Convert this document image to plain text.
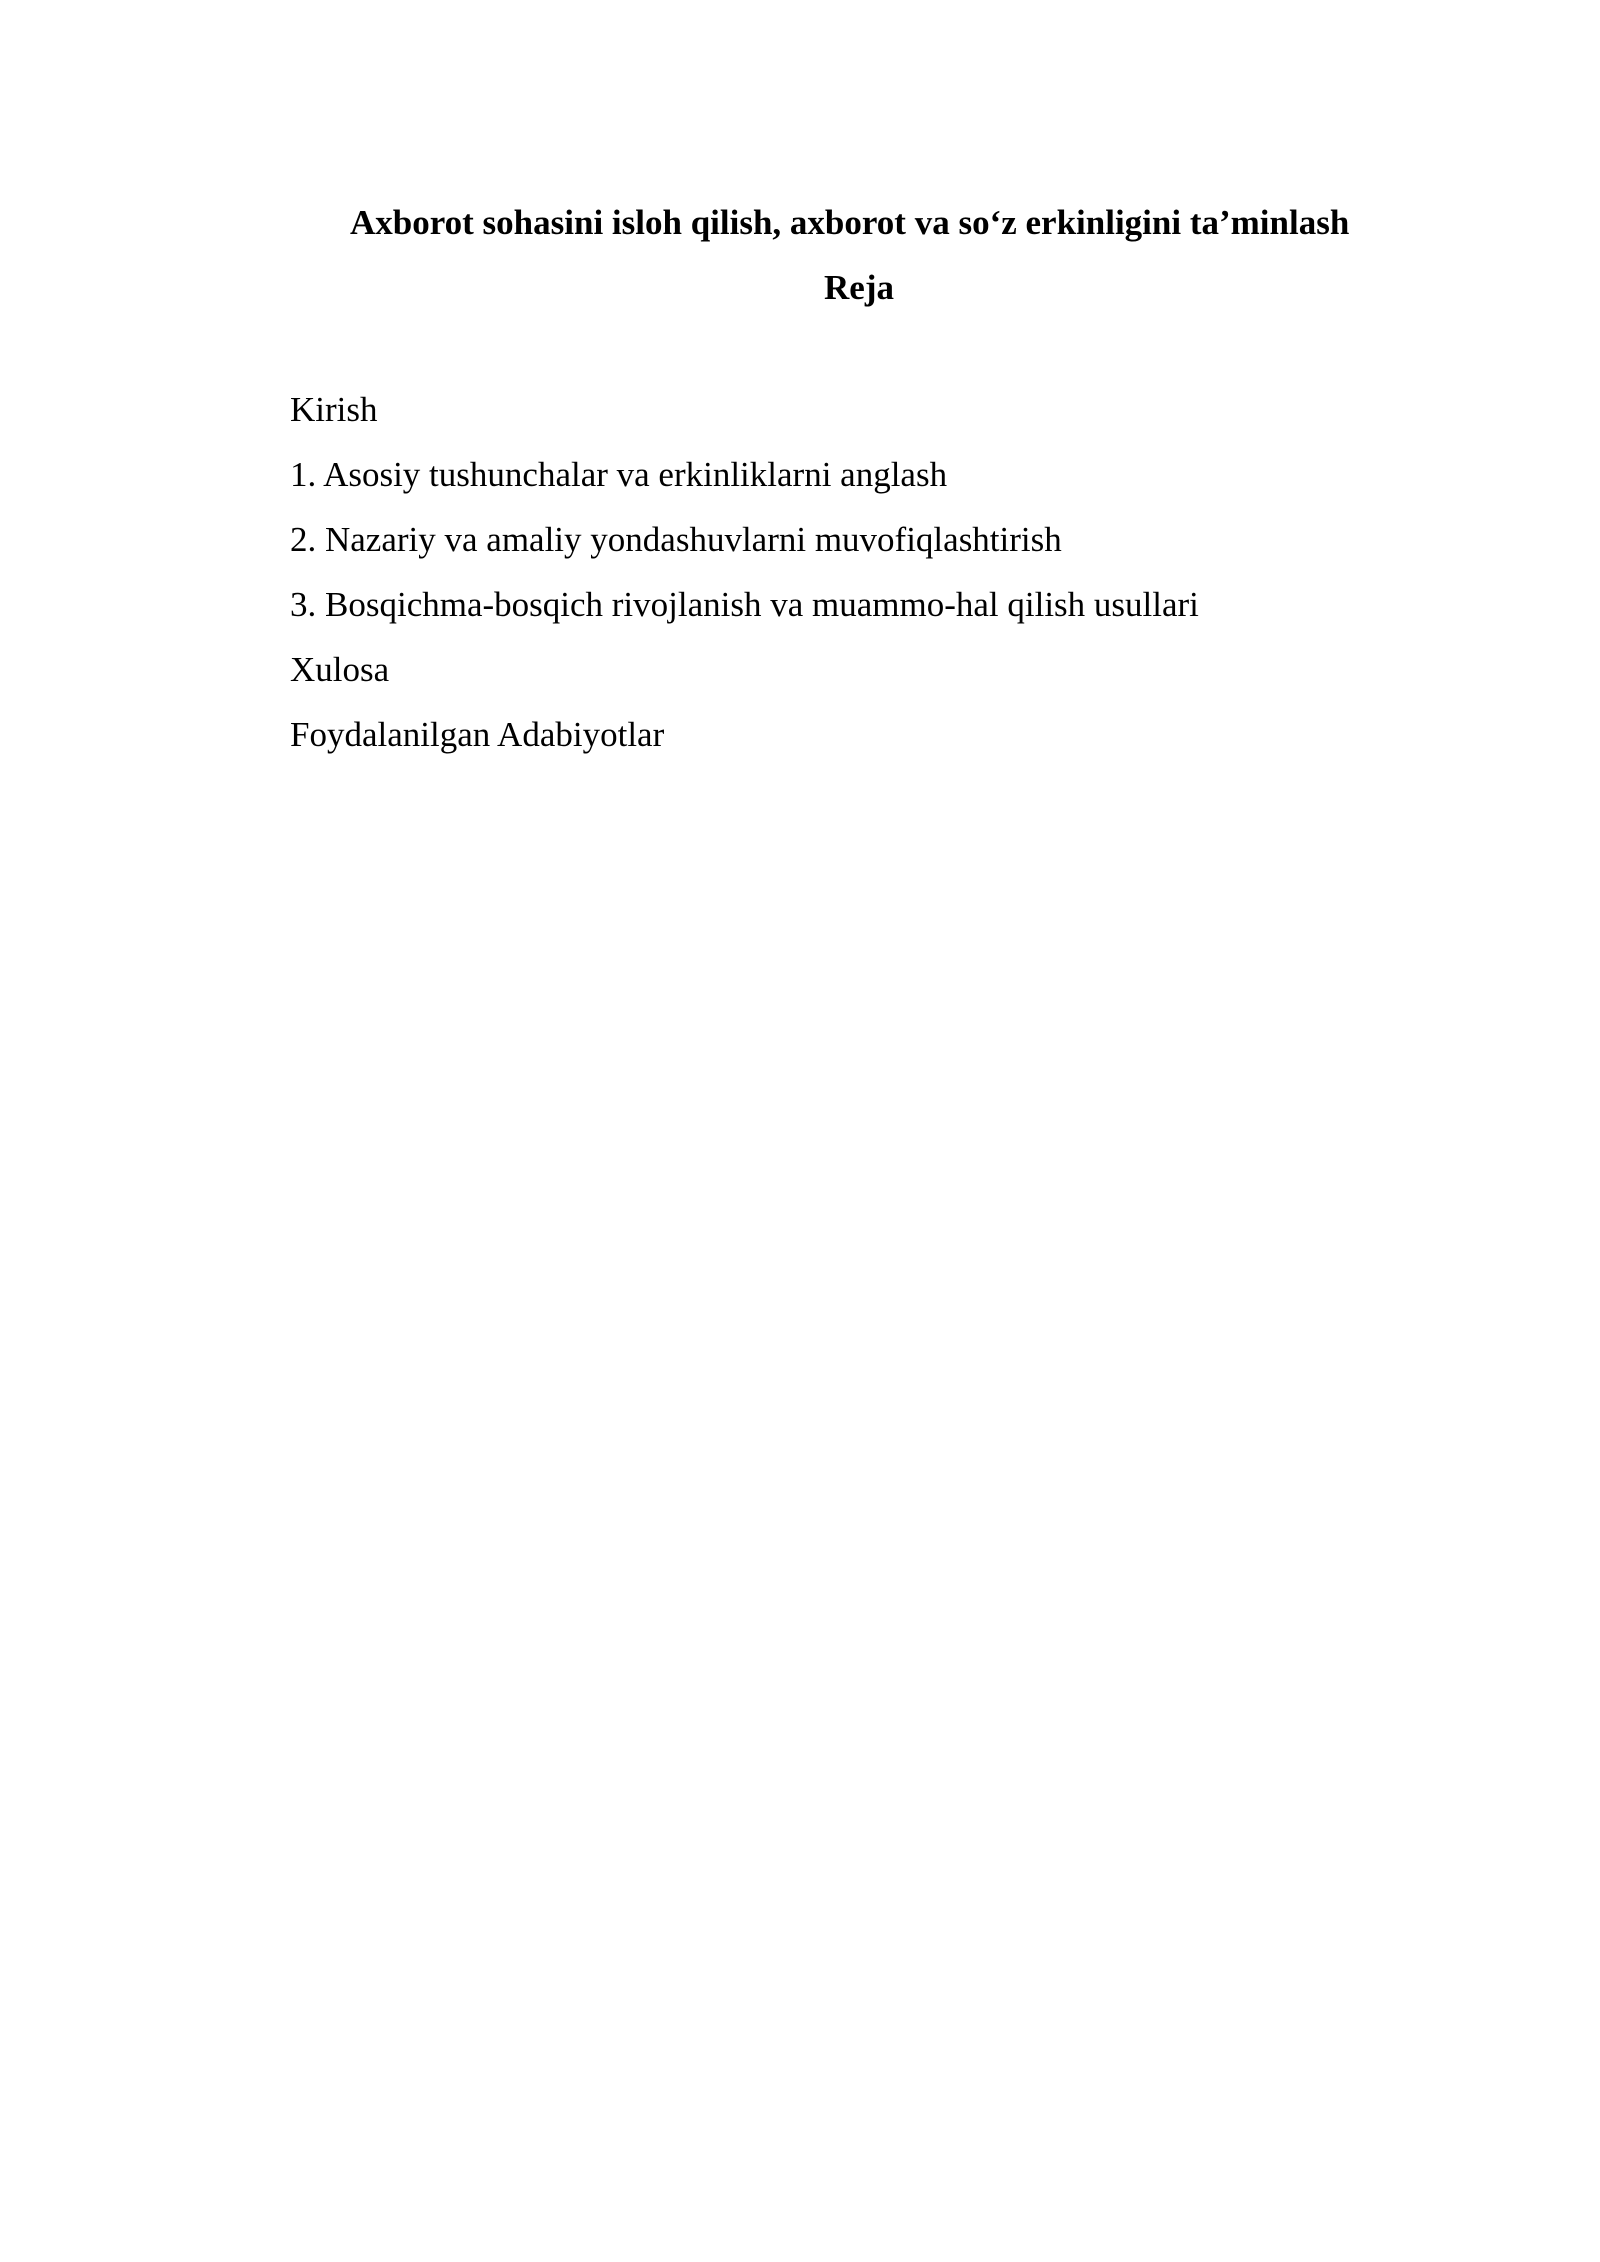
Axborot sohasini isloh qilish, axborot va so‘z erkinligini ta’minlash
Reja
Kirish
1. Asosiy tushunchalar va erkinliklarni anglash
2. Nazariy va amaliy yondashuvlarni muvofiqlashtirish
3. Bosqichma-bosqich rivojlanish va muammo-hal qilish usullari
Xulosa
Foydalanilgan Adabiyotlar
